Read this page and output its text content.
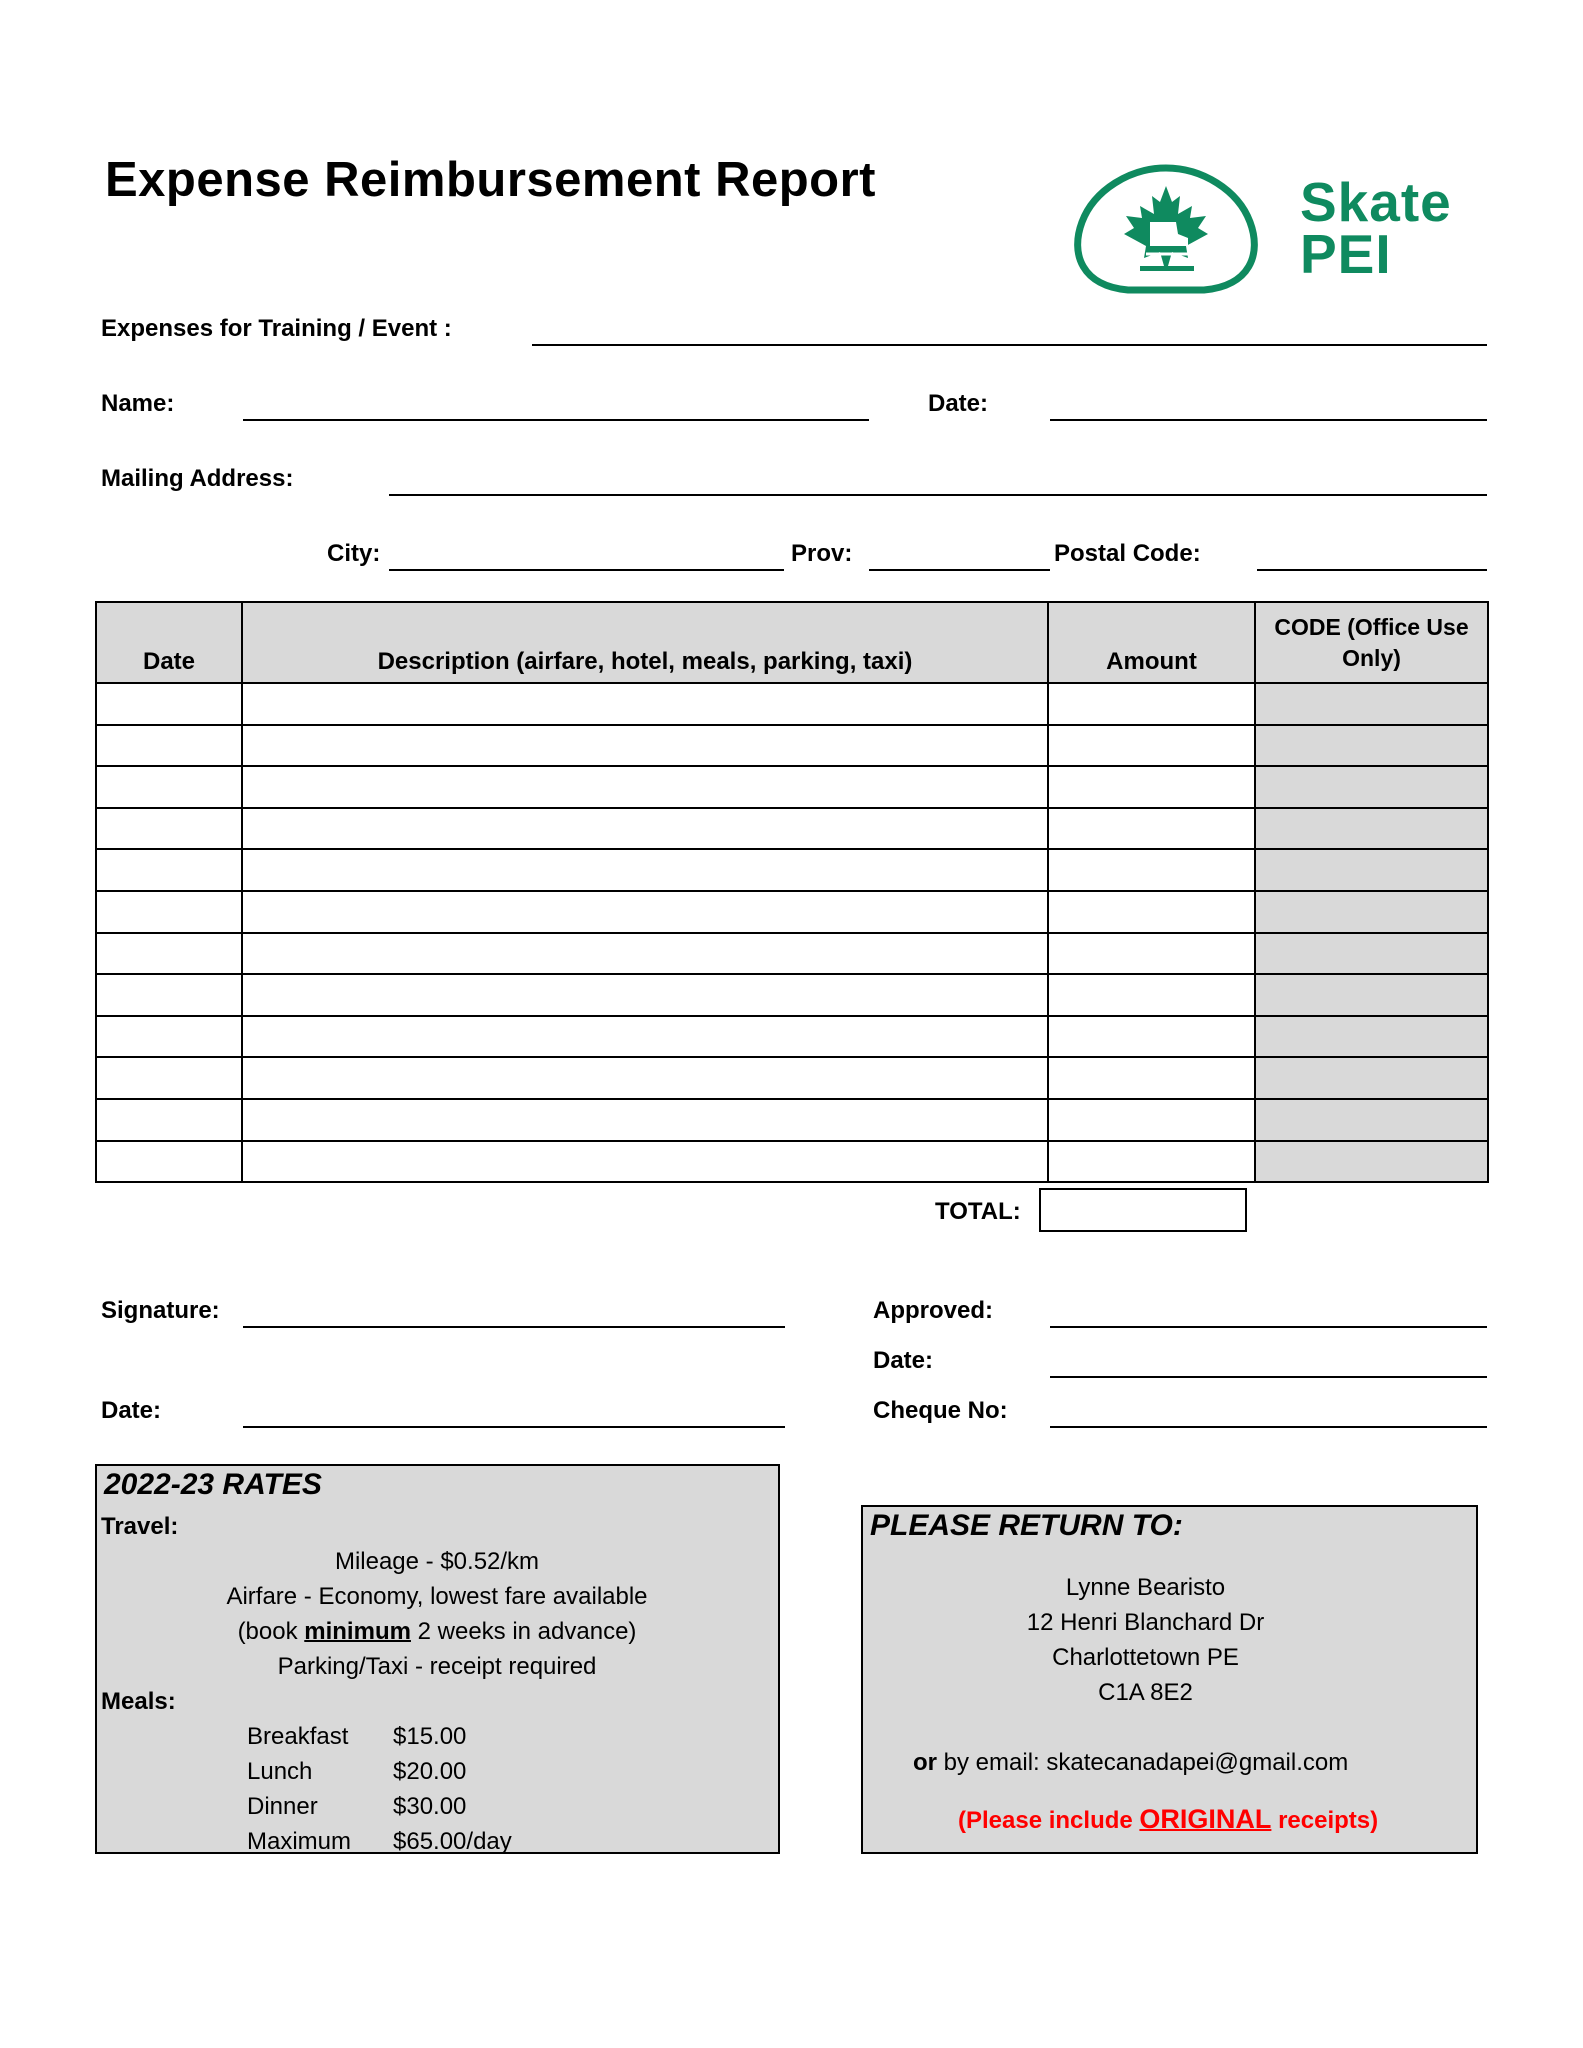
Expense Reimbursement Report	Skate
PEI
Expenses for Training / Event :
Name:	Date:
Mailing Address:
City:	Prov:	Postal Code:
Date	Description (airfare, hotel, meals, parking, taxi)	Amount	CODE (Office Use Only)

TOTAL:
Signature:
Date:
Approved:
Date:
Cheque No:
2022-23 RATES
Travel:
Mileage - $0.52/km
Airfare - Economy, lowest fare available
(book minimum 2 weeks in advance)
Parking/Taxi - receipt required
Meals:
Breakfast $15.00
Lunch	$20.00
Dinner	$30.00
Maximum $65.00/day
PLEASE RETURN TO:
Lynne Bearisto
12 Henri Blanchard Dr
Charlottetown PE
C1A 8E2
or by email: skatecanadapei@gmail.com
(Please include ORIGINAL receipts)
